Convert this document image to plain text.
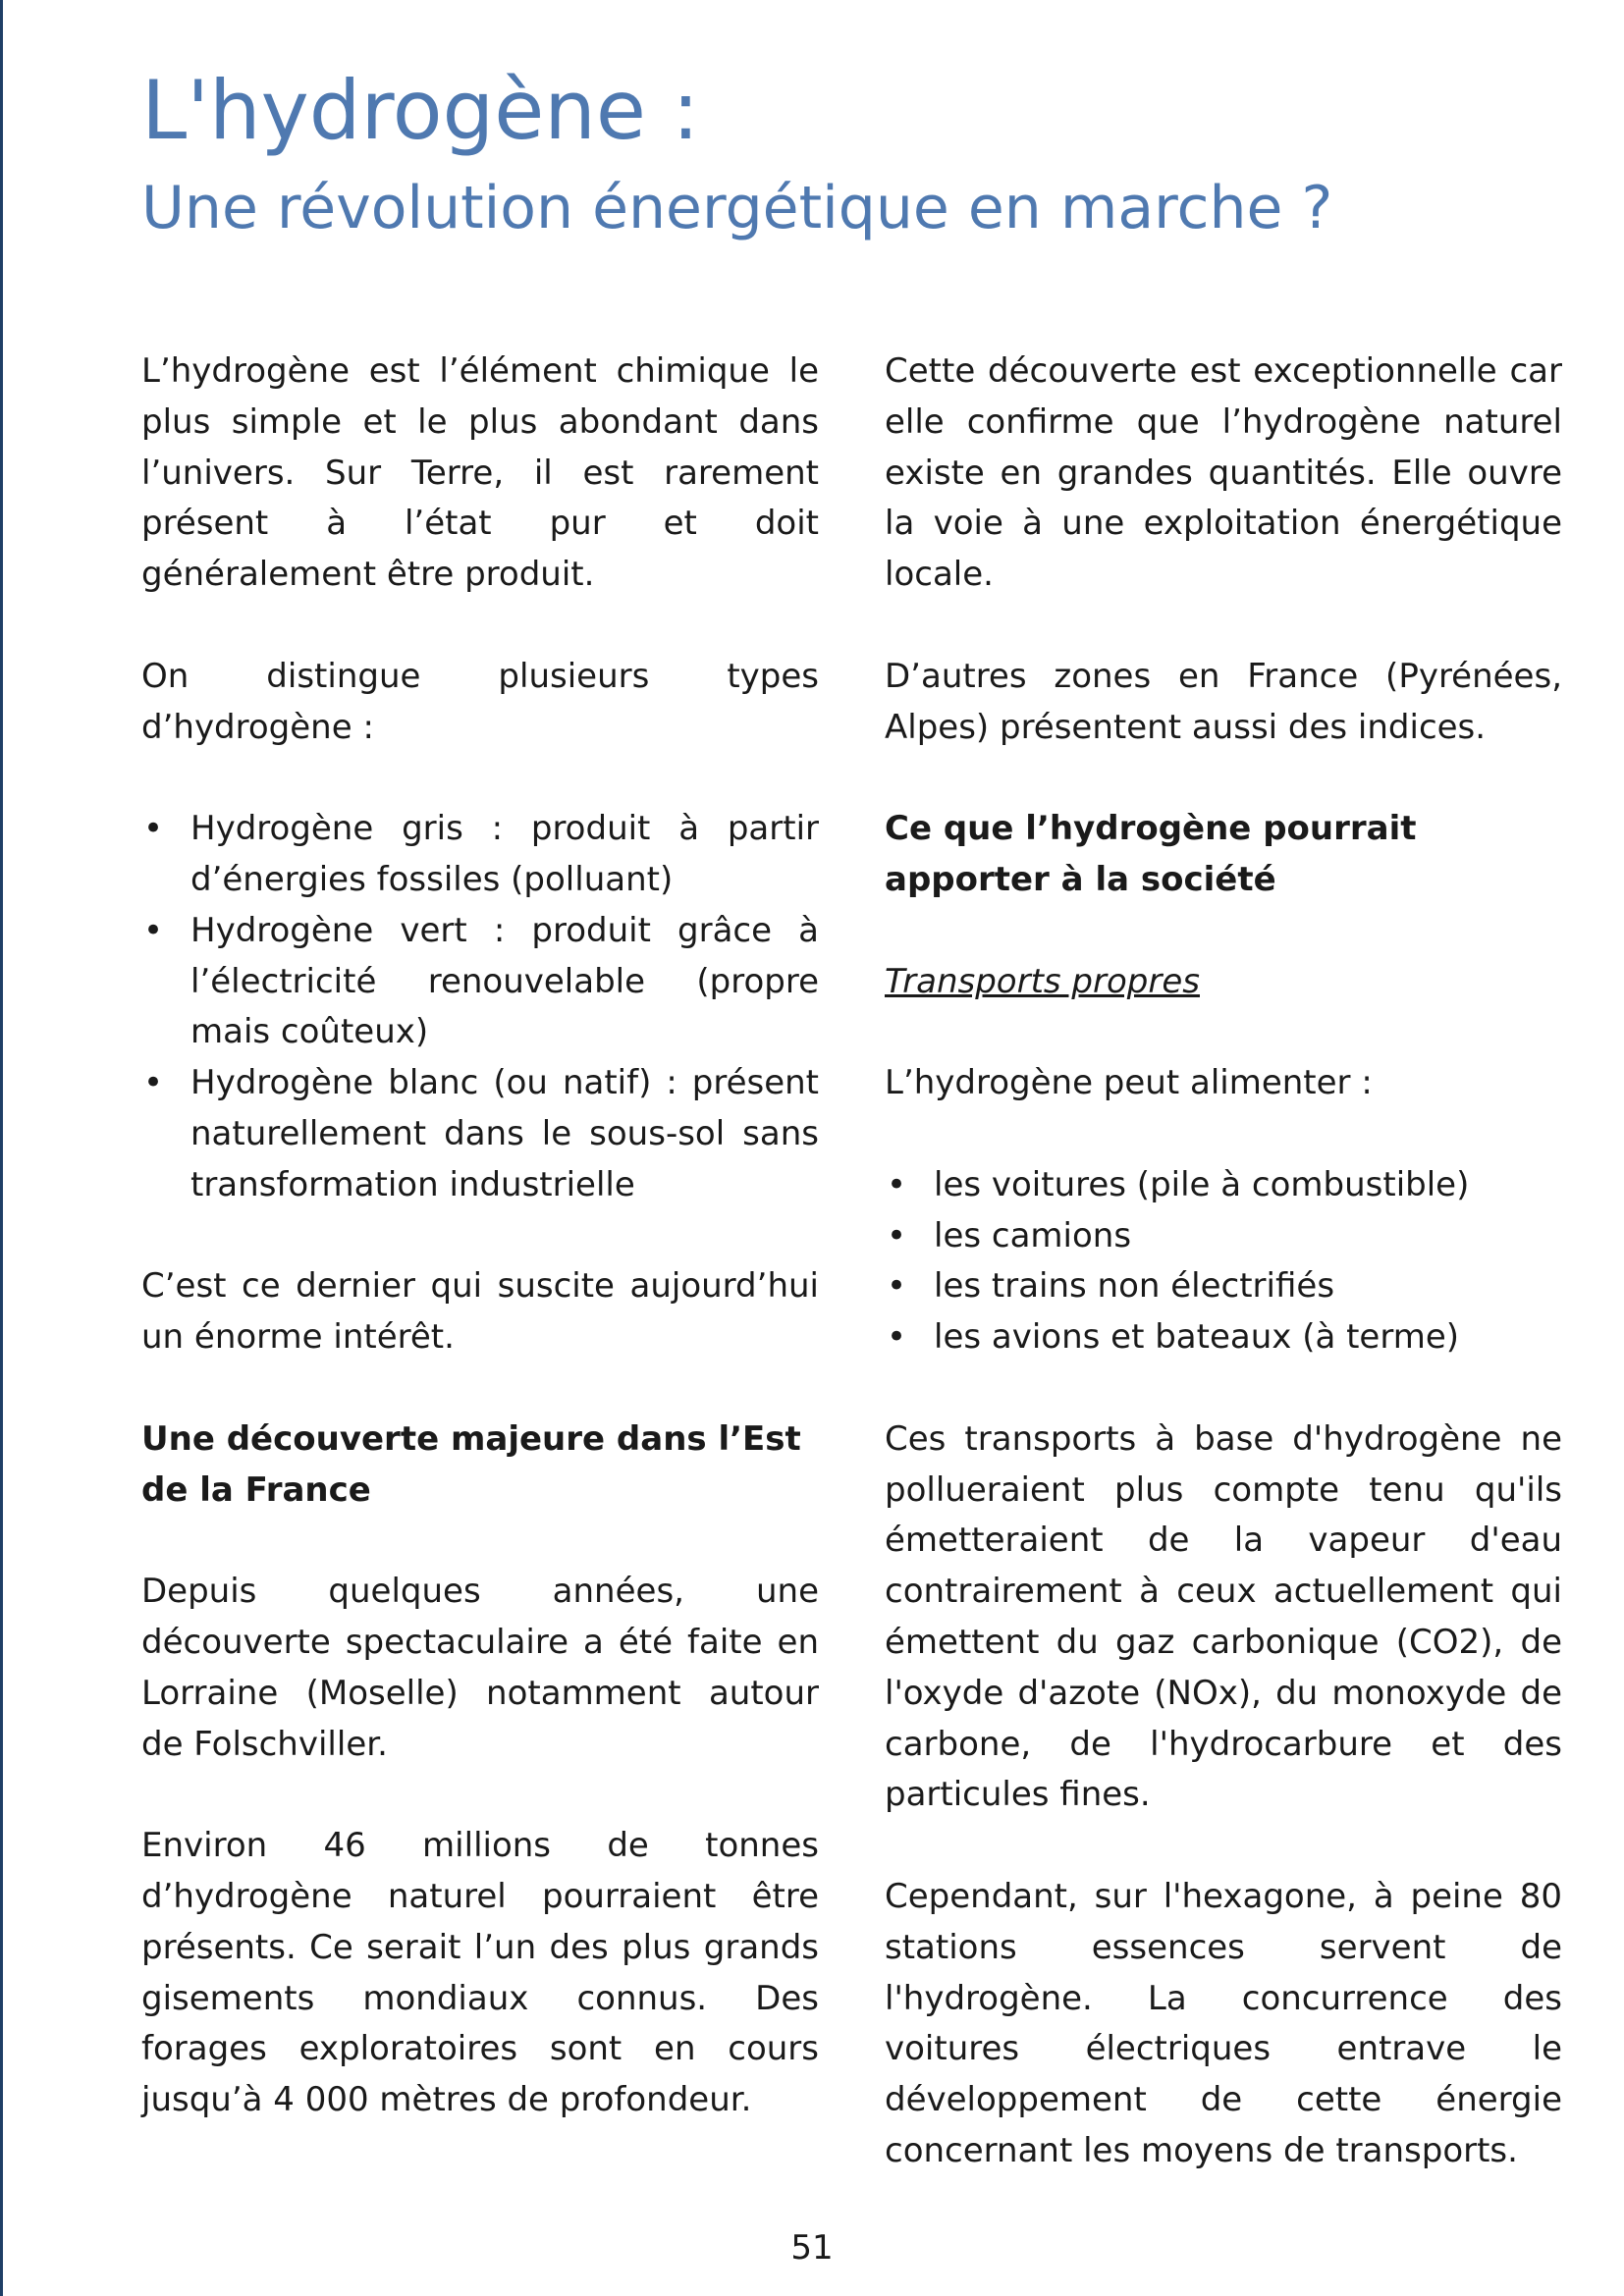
L'hydrogène :
Une révolution énergétique en marche ?

L’hydrogène est l’élément chimique le plus simple et le plus abondant dans l’univers. Sur Terre, il est rarement présent à l’état pur et doit généralement être produit.

On distingue plusieurs types d’hydrogène :

• Hydrogène gris : produit à partir d’énergies fossiles (polluant)
• Hydrogène vert : produit grâce à l’électricité renouvelable (propre mais coûteux)
• Hydrogène blanc (ou natif) : présent naturellement dans le sous-sol sans transformation industrielle

C’est ce dernier qui suscite aujourd’hui un énorme intérêt.

Une découverte majeure dans l’Est de la France

Depuis quelques années, une découverte spectaculaire a été faite en Lorraine (Moselle) notamment autour de Folschviller.

Environ 46 millions de tonnes d’hydrogène naturel pourraient être présents. Ce serait l’un des plus grands gisements mondiaux connus. Des forages exploratoires sont en cours jusqu’à 4 000 mètres de profondeur.

Cette découverte est exceptionnelle car elle confirme que l’hydrogène naturel existe en grandes quantités. Elle ouvre la voie à une exploitation énergétique locale.

D’autres zones en France (Pyrénées, Alpes) présentent aussi des indices.

Ce que l’hydrogène pourrait apporter à la société

Transports propres

L’hydrogène peut alimenter :

• les voitures (pile à combustible)
• les camions
• les trains non électrifiés
• les avions et bateaux (à terme)

Ces transports à base d'hydrogène ne pollueraient plus compte tenu qu'ils émetteraient de la vapeur d'eau contrairement à ceux actuellement qui émettent du gaz carbonique (CO2), de l'oxyde d'azote (NOx), du monoxyde de carbone, de l'hydrocarbure et des particules fines.

Cependant, sur l'hexagone, à peine 80 stations essences servent de l'hydrogène. La concurrence des voitures électriques entrave le développement de cette énergie concernant les moyens de transports.

51
